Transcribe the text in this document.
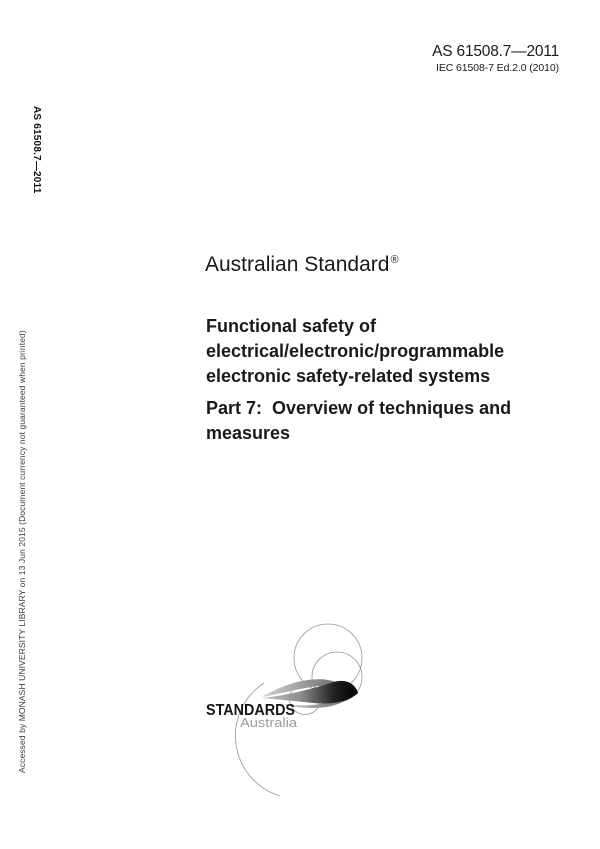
AS 61508.7—2011
IEC 61508-7 Ed.2.0 (2010)
AS 61508.7—2011
Accessed by MONASH UNIVERSITY LIBRARY on 13 Jun 2015 (Document currency not guaranteed when printed)
Australian Standard®
Functional safety of
electrical/electronic/programmable
electronic safety-related systems
Part 7:  Overview of techniques and
measures
STANDARDS
Australia
